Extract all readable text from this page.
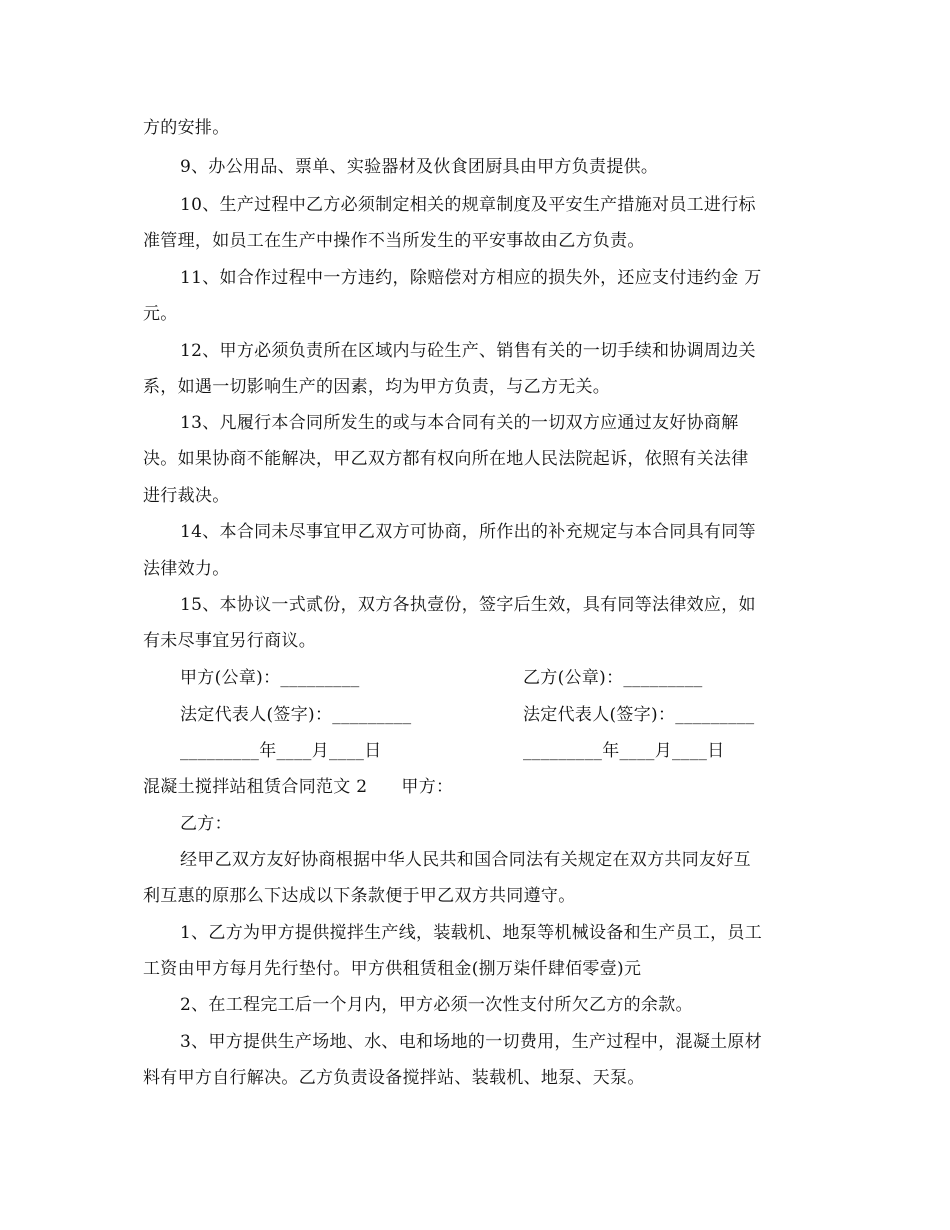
方的安排。
9、办公用品、票单、实验器材及伙食团厨具由甲方负责提供。
10、生产过程中乙方必须制定相关的规章制度及平安生产措施对员工进行标
准管理，如员工在生产中操作不当所发生的平安事故由乙方负责。
11、如合作过程中一方违约，除赔偿对方相应的损失外，还应支付违约金 万
元。
12、甲方必须负责所在区域内与砼生产、销售有关的一切手续和协调周边关
系，如遇一切影响生产的因素，均为甲方负责，与乙方无关。
13、凡履行本合同所发生的或与本合同有关的一切双方应通过友好协商解
决。如果协商不能解决，甲乙双方都有权向所在地人民法院起诉，依照有关法律
进行裁决。
14、本合同未尽事宜甲乙双方可协商，所作出的补充规定与本合同具有同等
法律效力。
15、本协议一式贰份，双方各执壹份，签字后生效，具有同等法律效应，如
有未尽事宜另行商议。
甲方(公章)：_________	乙方(公章)：_________
法定代表人(签字)：_________	法定代表人(签字)：_________
_________年____月____日	_________年____月____日
混凝土搅拌站租赁合同范文 2 甲方：
乙方：
经甲乙双方友好协商根据中华人民共和国合同法有关规定在双方共同友好互
利互惠的原那么下达成以下条款便于甲乙双方共同遵守。
1、乙方为甲方提供搅拌生产线，装载机、地泵等机械设备和生产员工，员工
工资由甲方每月先行垫付。甲方供租赁租金(捌万柒仟肆佰零壹)元
2、在工程完工后一个月内，甲方必须一次性支付所欠乙方的余款。
3、甲方提供生产场地、水、电和场地的一切费用，生产过程中，混凝土原材
料有甲方自行解决。乙方负责设备搅拌站、装载机、地泵、天泵。
